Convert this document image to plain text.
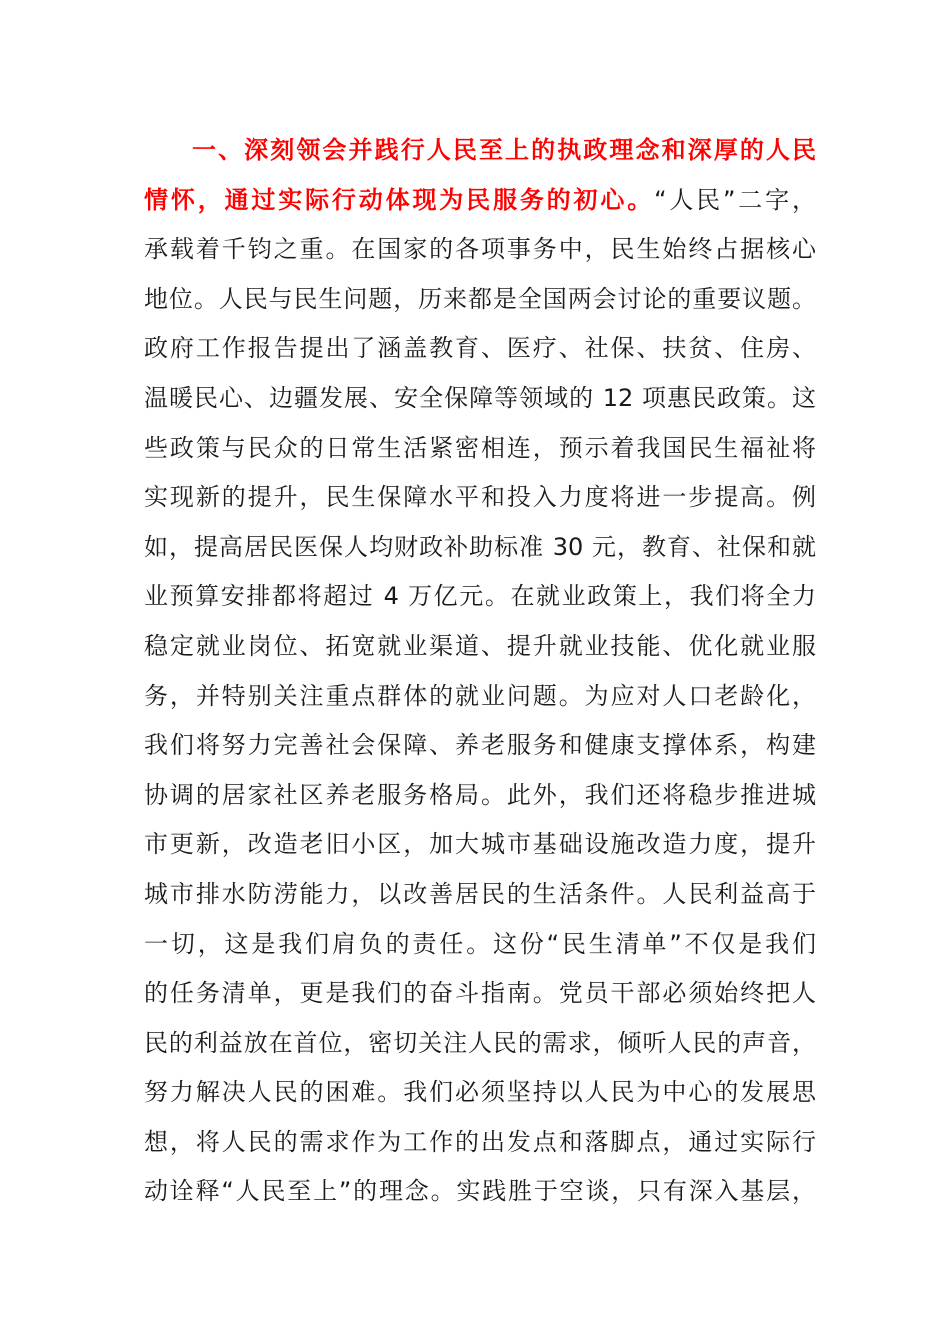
一、深刻领会并践行人民至上的执政理念和深厚的人民
情怀，通过实际行动体现为民服务的初心。“人民”二字，
承载着千钧之重。在国家的各项事务中，民生始终占据核心
地位。人民与民生问题，历来都是全国两会讨论的重要议题。
政府工作报告提出了涵盖教育、医疗、社保、扶贫、住房、
温暖民心、边疆发展、安全保障等领域的 12 项惠民政策。这
些政策与民众的日常生活紧密相连，预示着我国民生福祉将
实现新的提升，民生保障水平和投入力度将进一步提高。例
如，提高居民医保人均财政补助标准 30 元，教育、社保和就
业预算安排都将超过 4 万亿元。在就业政策上，我们将全力
稳定就业岗位、拓宽就业渠道、提升就业技能、优化就业服
务，并特别关注重点群体的就业问题。为应对人口老龄化，
我们将努力完善社会保障、养老服务和健康支撑体系，构建
协调的居家社区养老服务格局。此外，我们还将稳步推进城
市更新，改造老旧小区，加大城市基础设施改造力度，提升
城市排水防涝能力，以改善居民的生活条件。人民利益高于
一切，这是我们肩负的责任。这份“民生清单”不仅是我们
的任务清单，更是我们的奋斗指南。党员干部必须始终把人
民的利益放在首位，密切关注人民的需求，倾听人民的声音，
努力解决人民的困难。我们必须坚持以人民为中心的发展思
想，将人民的需求作为工作的出发点和落脚点，通过实际行
动诠释“人民至上”的理念。实践胜于空谈，只有深入基层，
